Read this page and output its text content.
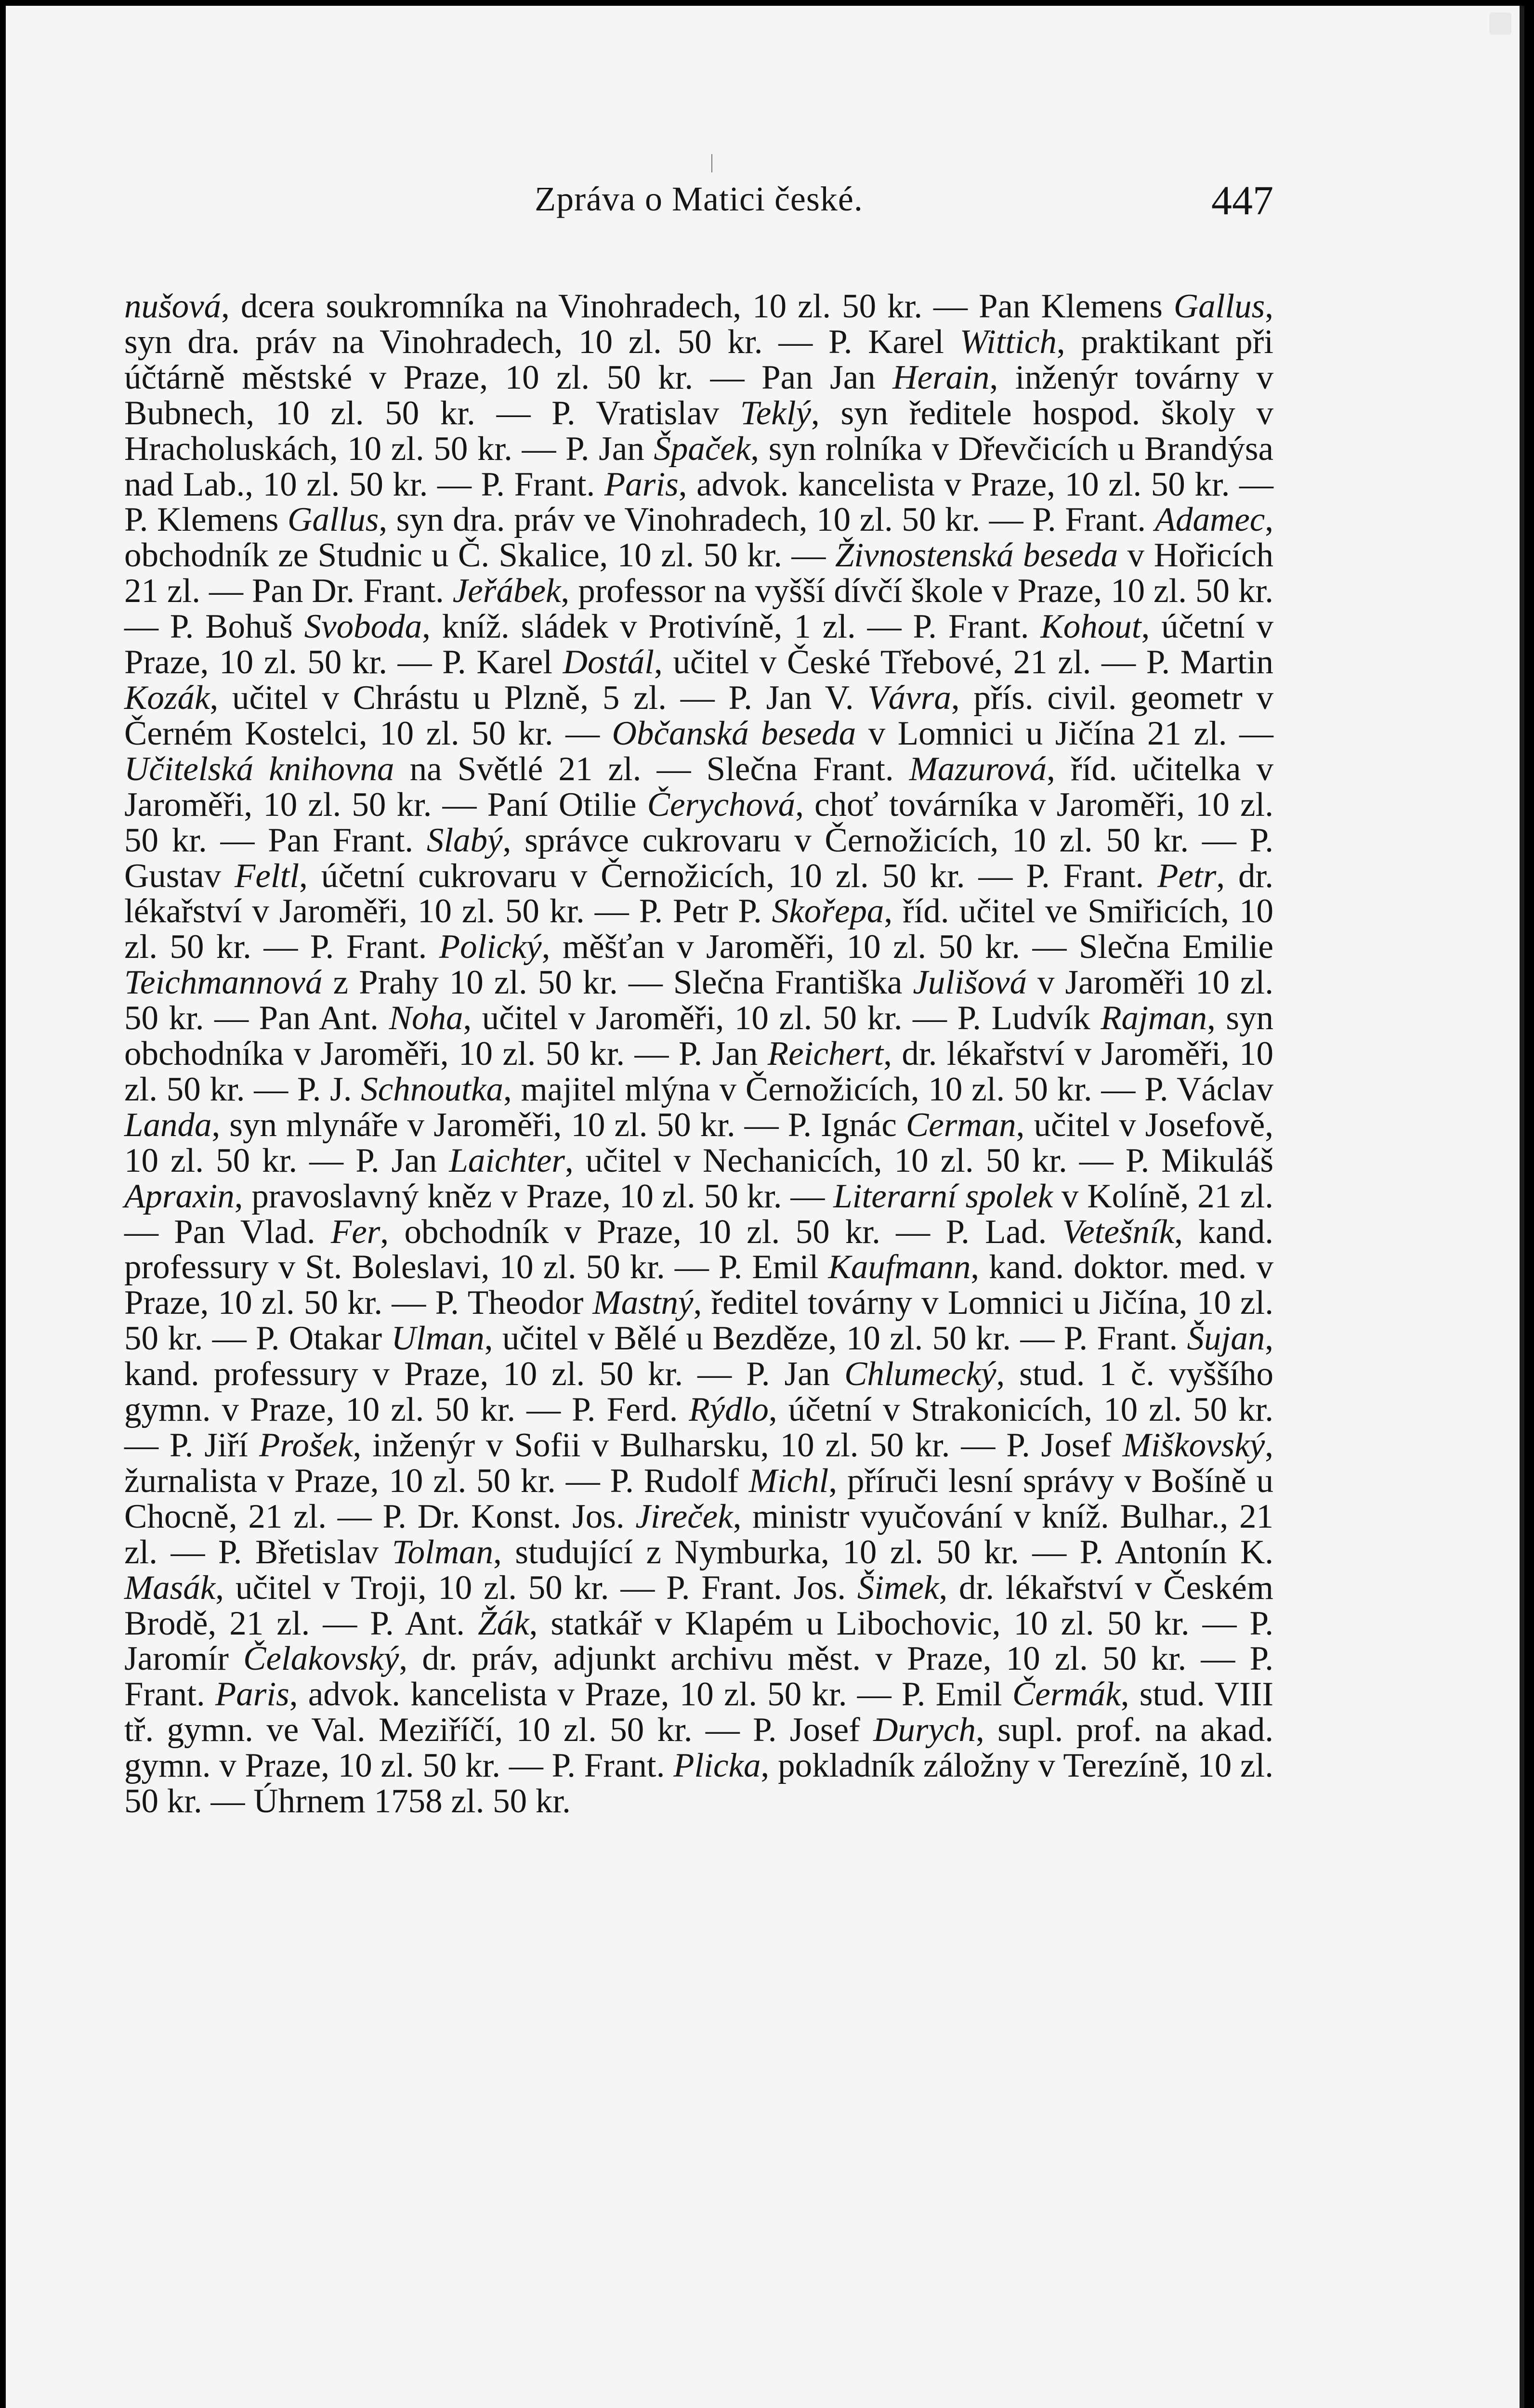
Zpráva o Matici české.	447
nušová, dcera soukromníka na Vinohradech, 10 zl. 50 kr. — Pan Klemens Gallus, syn dra. práv na Vinohradech, 10 zl. 50 kr. — P. Karel Wittich, praktikant při účtárně městské v Praze, 10 zl. 50 kr. — Pan Jan Herain, inženýr továrny v Bubnech, 10 zl. 50 kr. — P. Vratislav Teklý, syn ředitele hospod. školy v Hracholuskách, 10 zl. 50 kr. — P. Jan Špaček, syn rolníka v Dřevčicích u Brandýsa nad Lab., 10 zl. 50 kr. — P. Frant. Paris, advok. kancelista v Praze, 10 zl. 50 kr. — P. Klemens Gallus, syn dra. práv ve Vinohradech, 10 zl. 50 kr. — P. Frant. Adamec, obchodník ze Studnic u Č. Skalice, 10 zl. 50 kr. — Živnostenská beseda v Hořicích 21 zl. — Pan Dr. Frant. Jeřábek, professor na vyšší dívčí škole v Praze, 10 zl. 50 kr. — P. Bohuš Svoboda, kníž. sládek v Protivíně, 1 zl. — P. Frant. Kohout, účetní v Praze, 10 zl. 50 kr. — P. Karel Dostál, učitel v České Třebové, 21 zl. — P. Martin Kozák, učitel v Chrástu u Plzně, 5 zl. — P. Jan V. Vávra, přís. civil. geometr v Černém Kostelci, 10 zl. 50 kr. — Občanská beseda v Lomnici u Jičína 21 zl. — Učitelská knihovna na Světlé 21 zl. — Slečna Frant. Mazurová, říd. učitelka v Jaroměři, 10 zl. 50 kr. — Paní Otilie Čerychová, choť továrníka v Jaroměři, 10 zl. 50 kr. — Pan Frant. Slabý, správce cukrovaru v Černožicích, 10 zl. 50 kr. — P. Gustav Feltl, účetní cukrovaru v Černožicích, 10 zl. 50 kr. — P. Frant. Petr, dr. lékařství v Jaroměři, 10 zl. 50 kr. — P. Petr P. Skořepa, říd. učitel ve Smiřicích, 10 zl. 50 kr. — P. Frant. Polický, měšťan v Jaroměři, 10 zl. 50 kr. — Slečna Emilie Teichmannová z Prahy 10 zl. 50 kr. — Slečna Františka Julišová v Jaroměři 10 zl. 50 kr. — Pan Ant. Noha, učitel v Jaroměři, 10 zl. 50 kr. — P. Ludvík Rajman, syn obchodníka v Jaroměři, 10 zl. 50 kr. — P. Jan Reichert, dr. lékařství v Jaroměři, 10 zl. 50 kr. — P. J. Schnoutka, majitel mlýna v Černožicích, 10 zl. 50 kr. — P. Václav Landa, syn mlynáře v Jaroměři, 10 zl. 50 kr. — P. Ignác Cerman, učitel v Josefově, 10 zl. 50 kr. — P. Jan Laichter, učitel v Nechanicích, 10 zl. 50 kr. — P. Mikuláš Apraxin, pravoslavný kněz v Praze, 10 zl. 50 kr. — Literarní spolek v Kolíně, 21 zl. — Pan Vlad. Fer, obchodník v Praze, 10 zl. 50 kr. — P. Lad. Vetešník, kand. professury v St. Boleslavi, 10 zl. 50 kr. — P. Emil Kaufmann, kand. doktor. med. v Praze, 10 zl. 50 kr. — P. Theodor Mastný, ředitel továrny v Lomnici u Jičína, 10 zl. 50 kr. — P. Otakar Ulman, učitel v Bělé u Bezděze, 10 zl. 50 kr. — P. Frant. Šujan, kand. professury v Praze, 10 zl. 50 kr. — P. Jan Chlumecký, stud. 1 č. vyššího gymn. v Praze, 10 zl. 50 kr. — P. Ferd. Rýdlo, účetní v Strakonicích, 10 zl. 50 kr. — P. Jiří Prošek, inženýr v Sofii v Bulharsku, 10 zl. 50 kr. — P. Josef Miškovský, žurnalista v Praze, 10 zl. 50 kr. — P. Rudolf Michl, příruči lesní správy v Bošíně u Chocně, 21 zl. — P. Dr. Konst. Jos. Jireček, ministr vyučování v kníž. Bulhar., 21 zl. — P. Břetislav Tolman, studující z Nymburka, 10 zl. 50 kr. — P. Antonín K. Masák, učitel v Troji, 10 zl. 50 kr. — P. Frant. Jos. Šimek, dr. lékařství v Českém Brodě, 21 zl. — P. Ant. Žák, statkář v Klapém u Libochovic, 10 zl. 50 kr. — P. Jaromír Čelakovský, dr. práv, adjunkt archivu měst. v Praze, 10 zl. 50 kr. — P. Frant. Paris, advok. kancelista v Praze, 10 zl. 50 kr. — P. Emil Čermák, stud. VIII tř. gymn. ve Val. Meziříčí, 10 zl. 50 kr. — P. Josef Durych, supl. prof. na akad. gymn. v Praze, 10 zl. 50 kr. — P. Frant. Plicka, pokladník záložny v Terezíně, 10 zl. 50 kr. — Úhrnem 1758 zl. 50 kr.
